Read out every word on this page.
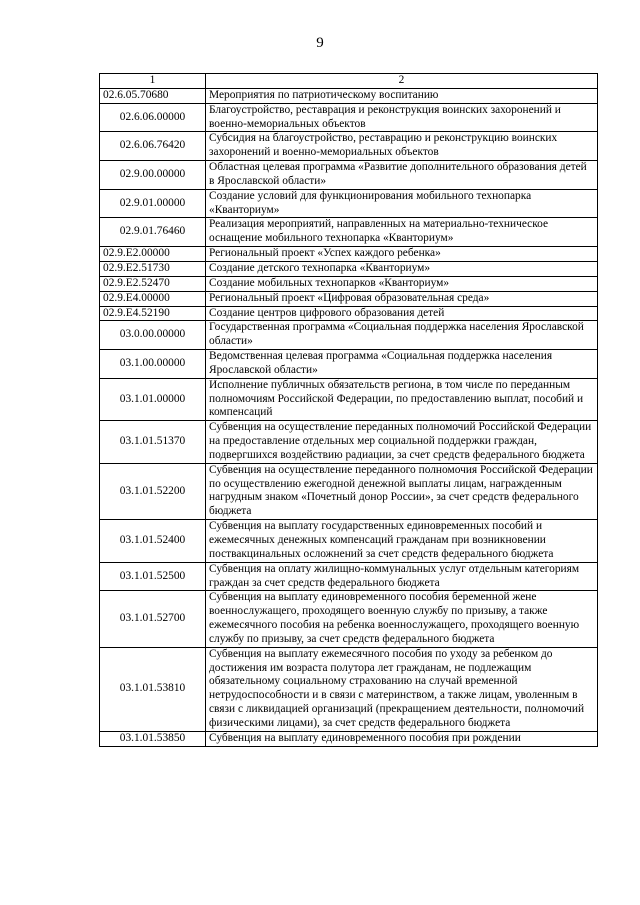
9
1	2
02.6.05.70680	Мероприятия по патриотическому воспитанию
02.6.06.00000	Благоустройство, реставрация и реконструкция воинских захоронений и военно-мемориальных объектов
02.6.06.76420	Субсидия на благоустройство, реставрацию и реконструкцию воинских захоронений и военно-мемориальных объектов
02.9.00.00000	Областная целевая программа «Развитие дополнительного образования детей в Ярославской области»
02.9.01.00000	Создание условий для функционирования мобильного технопарка «Кванториум»
02.9.01.76460	Реализация мероприятий, направленных на материально-техническое оснащение мобильного технопарка «Кванториум»
02.9.E2.00000	Региональный проект «Успех каждого ребенка»
02.9.E2.51730	Создание детского технопарка «Кванториум»
02.9.E2.52470	Создание мобильных технопарков «Кванториум»
02.9.E4.00000	Региональный проект «Цифровая образовательная среда»
02.9.E4.52190	Создание центров цифрового образования детей
03.0.00.00000	Государственная программа «Социальная поддержка населения Ярославской области»
03.1.00.00000	Ведомственная целевая программа «Социальная поддержка населения Ярославской области»
03.1.01.00000	Исполнение публичных обязательств региона, в том числе по переданным полномочиям Российской Федерации, по предоставлению выплат, пособий и компенсаций
03.1.01.51370	Субвенция на осуществление переданных полномочий Российской Федерации на предоставление отдельных мер социальной поддержки граждан, подвергшихся воздействию радиации, за счет средств федерального бюджета
03.1.01.52200	Субвенция на осуществление переданного полномочия Российской Федерации по осуществлению ежегодной денежной выплаты лицам, награжденным нагрудным знаком «Почетный донор России», за счет средств федерального бюджета
03.1.01.52400	Субвенция на выплату государственных единовременных пособий и ежемесячных денежных компенсаций гражданам при возникновении поствакцинальных осложнений за счет средств федерального бюджета
03.1.01.52500	Субвенция на оплату жилищно-коммунальных услуг отдельным категориям граждан за счет средств федерального бюджета
03.1.01.52700	Субвенция на выплату единовременного пособия беременной жене военнослужащего, проходящего военную службу по призыву, а также ежемесячного пособия на ребенка военнослужащего, проходящего военную службу по призыву, за счет средств федерального бюджета
03.1.01.53810	Субвенция на выплату ежемесячного пособия по уходу за ребенком до достижения им возраста полутора лет гражданам, не подлежащим обязательному социальному страхованию на случай временной нетрудоспособности и в связи с материнством, а также лицам, уволенным в связи с ликвидацией организаций (прекращением деятельности, полномочий физическими лицами), за счет средств федерального бюджета
03.1.01.53850	Субвенция на выплату единовременного пособия при рождении
